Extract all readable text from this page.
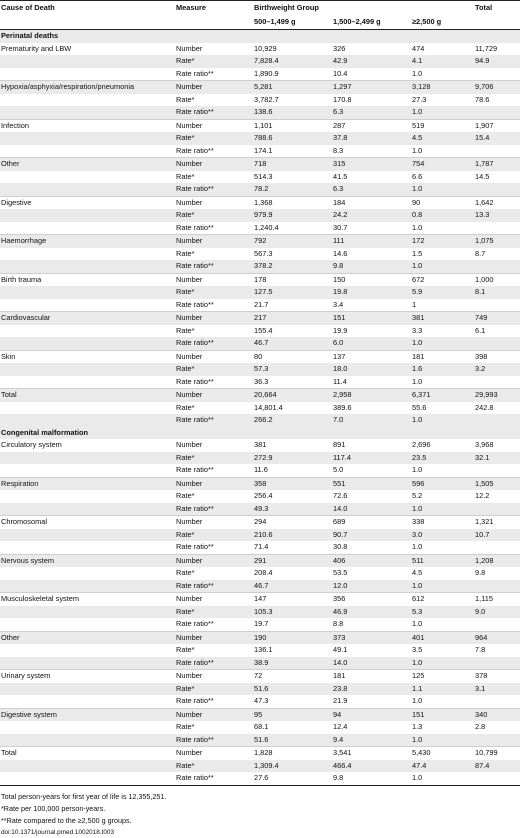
Cause of Death	Measure	Birthweight Group			Total
		500–1,499 g	1,500–2,499 g	≥2,500 g	
Perinatal deaths					
Prematurity and LBW	Number	10,929	326	474	11,729
	Rate*	7,828.4	42.9	4.1	94.9
	Rate ratio**	1,890.9	10.4	1.0	
Hypoxia/asphyxia/respiration/pneumonia	Number	5,281	1,297	3,128	9,706
	Rate*	3,782.7	170.8	27.3	78.6
	Rate ratio**	138.6	6.3	1.0	
Infection	Number	1,101	287	519	1,907
	Rate*	788.6	37.8	4.5	15.4
	Rate ratio**	174.1	8.3	1.0	
Other	Number	718	315	754	1,787
	Rate*	514.3	41.5	6.6	14.5
	Rate ratio**	78.2	6.3	1.0	
Digestive	Number	1,368	184	90	1,642
	Rate*	979.9	24.2	0.8	13.3
	Rate ratio**	1,240.4	30.7	1.0	
Haemorrhage	Number	792	111	172	1,075
	Rate*	567.3	14.6	1.5	8.7
	Rate ratio**	378.2	9.8	1.0	
Birth trauma	Number	178	150	672	1,000
	Rate*	127.5	19.8	5.9	8.1
	Rate ratio**	21.7	3.4	1	
Cardiovascular	Number	217	151	381	749
	Rate*	155.4	19.9	3.3	6.1
	Rate ratio**	46.7	6.0	1.0	
Skin	Number	80	137	181	398
	Rate*	57.3	18.0	1.6	3.2
	Rate ratio**	36.3	11.4	1.0	
Total	Number	20,664	2,958	6,371	29,993
	Rate*	14,801.4	389.6	55.6	242.8
	Rate ratio**	266.2	7.0	1.0	
Congenital malformation					
Circulatory system	Number	381	891	2,696	3,968
	Rate*	272.9	117.4	23.5	32.1
	Rate ratio**	11.6	5.0	1.0	
Respiration	Number	358	551	596	1,505
	Rate*	256.4	72.6	5.2	12.2
	Rate ratio**	49.3	14.0	1.0	
Chromosomal	Number	294	689	338	1,321
	Rate*	210.6	90.7	3.0	10.7
	Rate ratio**	71.4	30.8	1.0	
Nervous system	Number	291	406	511	1,208
	Rate*	208.4	53.5	4.5	9.8
	Rate ratio**	46.7	12.0	1.0	
Musculoskeletal system	Number	147	356	612	1,115
	Rate*	105.3	46.9	5.3	9.0
	Rate ratio**	19.7	8.8	1.0	
Other	Number	190	373	401	964
	Rate*	136.1	49.1	3.5	7.8
	Rate ratio**	38.9	14.0	1.0	
Urinary system	Number	72	181	125	378
	Rate*	51.6	23.8	1.1	3.1
	Rate ratio**	47.3	21.9	1.0	
Digestive system	Number	95	94	151	340
	Rate*	68.1	12.4	1.3	2.8
	Rate ratio**	51.6	9.4	1.0	
Total	Number	1,828	3,541	5,430	10,799
	Rate*	1,309.4	466.4	47.4	87.4
	Rate ratio**	27.6	9.8	1.0	

Total person-years for first year of life is 12,355,251.

*Rate per 100,000 person-years.

**Rate compared to the ≥2,500 g groups.

doi:10.1371/journal.pmed.1002018.t003
